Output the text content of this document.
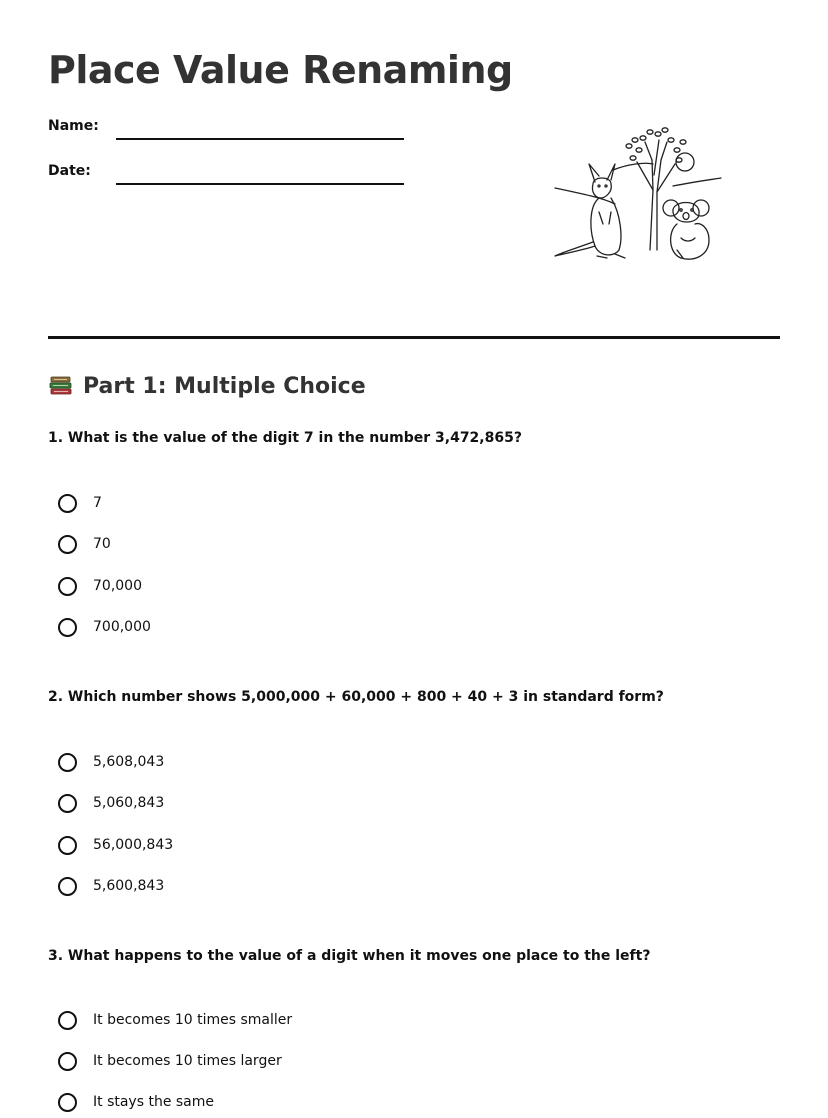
Place Value Renaming
Name:
Date:
Part 1: Multiple Choice
1. What is the value of the digit 7 in the number 3,472,865?
7
70
70,000
700,000
2. Which number shows 5,000,000 + 60,000 + 800 + 40 + 3 in standard form?
5,608,043
5,060,843
56,000,843
5,600,843
3. What happens to the value of a digit when it moves one place to the left?
It becomes 10 times smaller
It becomes 10 times larger
It stays the same
